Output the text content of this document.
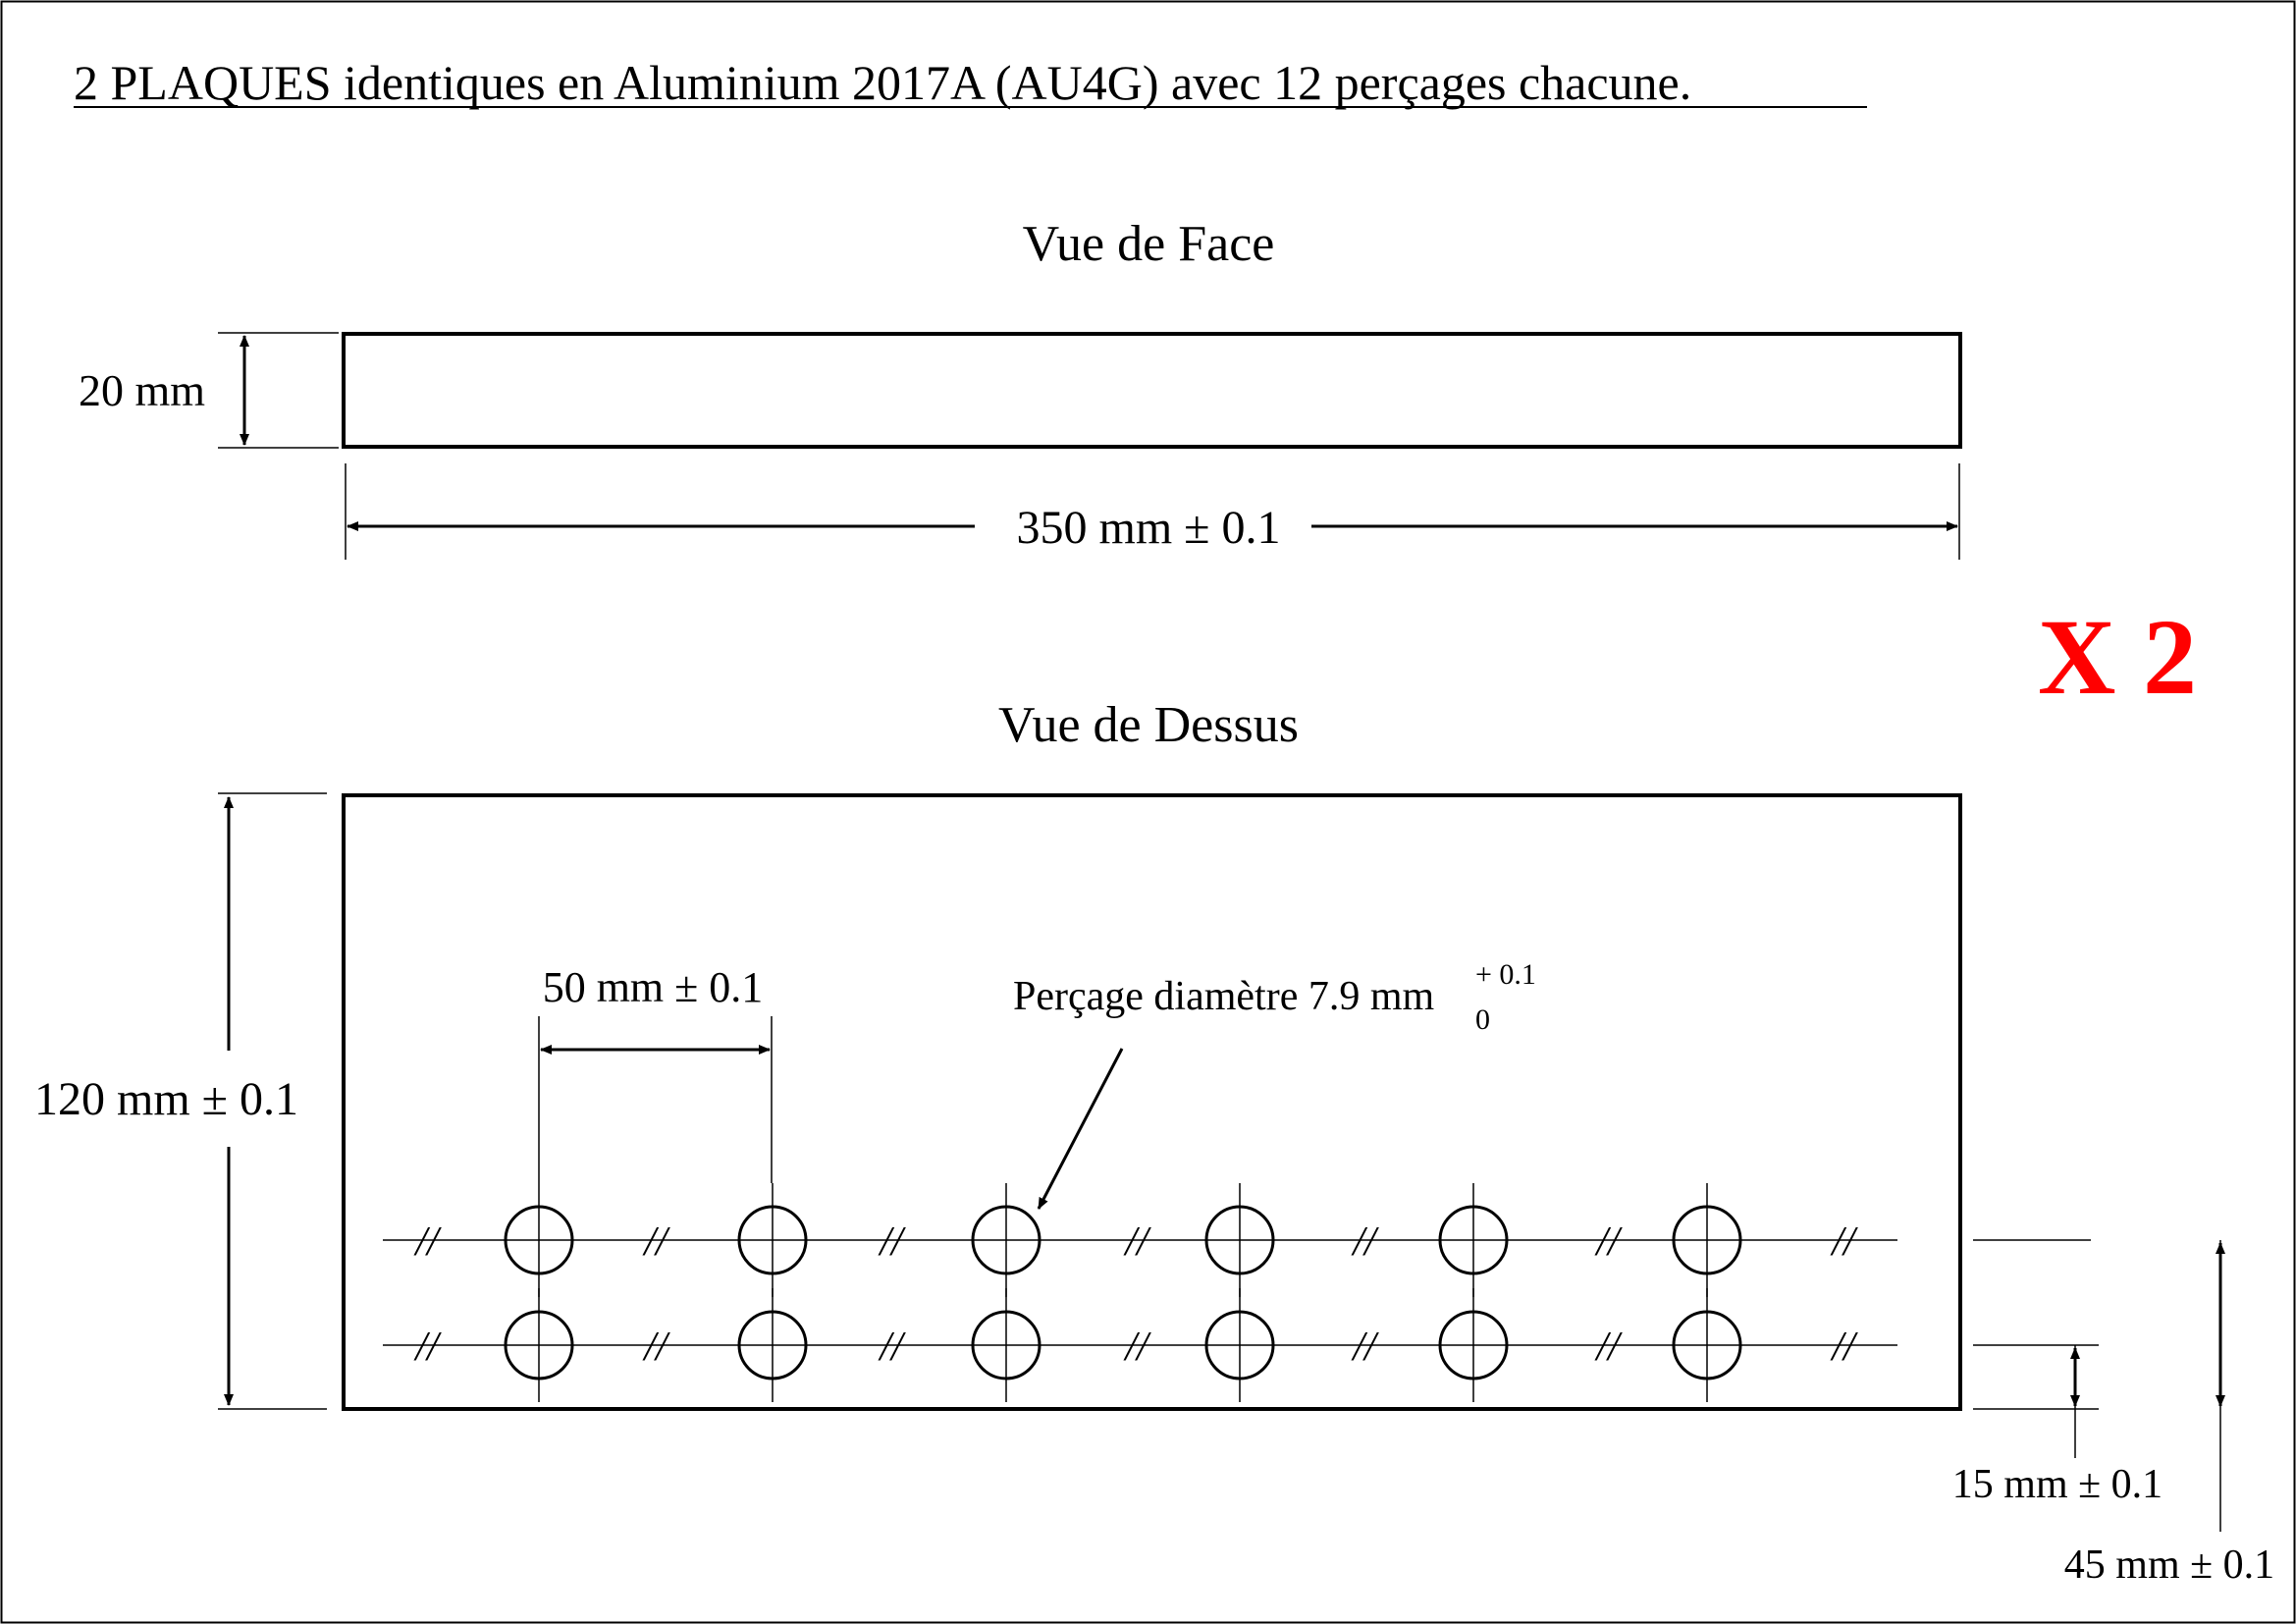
2 PLAQUES identiques en Aluminium 2017A (AU4G) avec 12 perçages chacune.
Vue de Face
20 mm
350 mm ± 0.1
X 2
Vue de Dessus
120 mm ± 0.1
50 mm ± 0.1	Perçage diamètre 7.9 mm + 0.1
0
//	//	//	//	//	//	//
//	//	//	//	//	//	//
15 mm ± 0.1
45 mm ± 0.1
